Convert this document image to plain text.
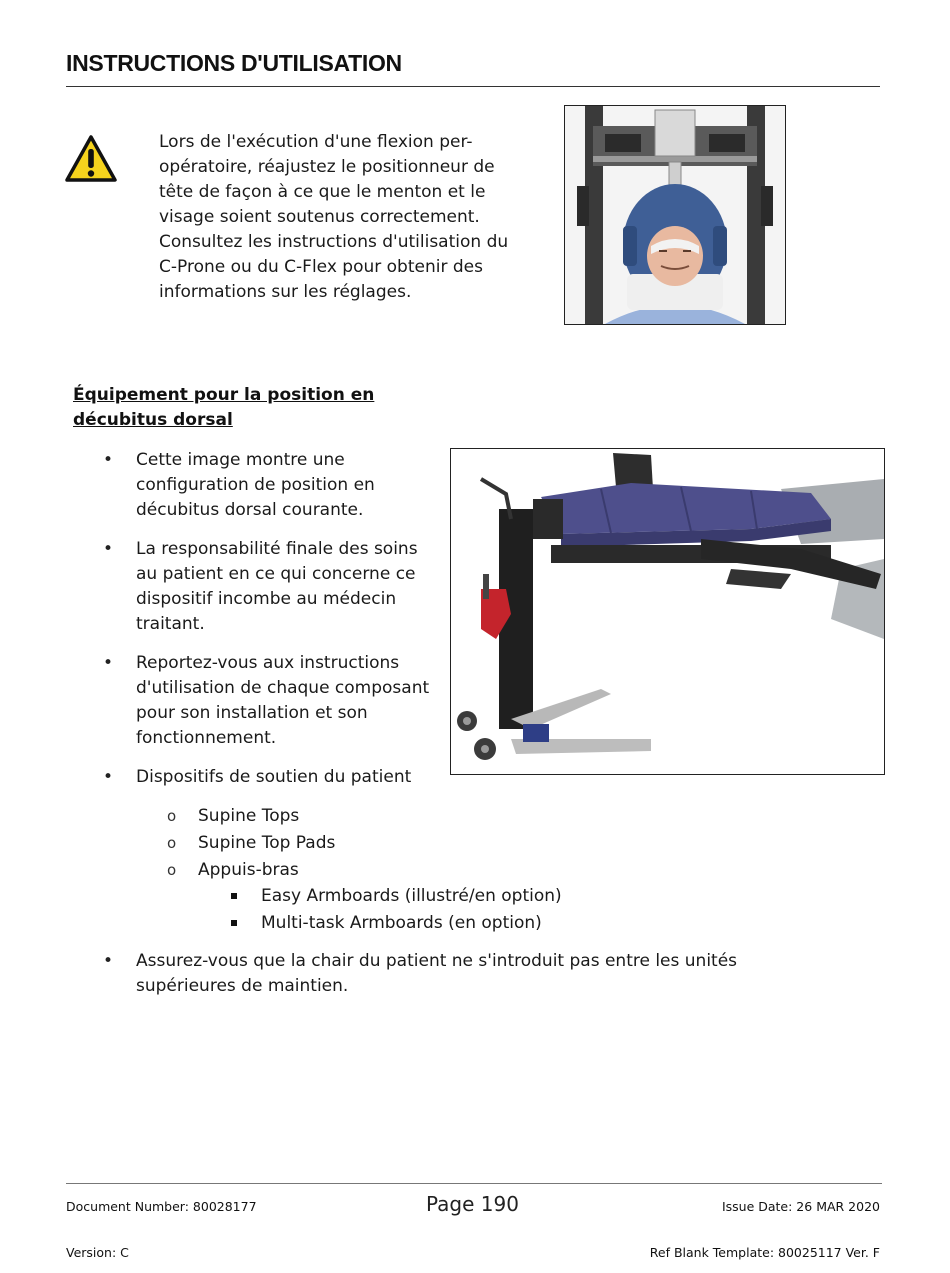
INSTRUCTIONS D'UTILISATION
Lors de l'exécution d'une flexion per-opératoire, réajustez le positionneur de tête de façon à ce que le menton et le visage soient soutenus correctement. Consultez les instructions d'utilisation du C-Prone ou du C-Flex pour obtenir des informations sur les réglages.
Équipement pour la position en décubitus dorsal
• Cette image montre une configuration de position en décubitus dorsal courante.
• La responsabilité finale des soins au patient en ce qui concerne ce dispositif incombe au médecin traitant.
• Reportez-vous aux instructions d'utilisation de chaque composant pour son installation et son fonctionnement.
• Dispositifs de soutien du patient
o Supine Tops
o Supine Top Pads
o Appuis-bras
Easy Armboards (illustré/en option)
Multi-task Armboards (en option)
• Assurez-vous que la chair du patient ne s'introduit pas entre les unités supérieures de maintien.
Document Number: 80028177	Page 190	Issue Date: 26 MAR 2020
Version: C	Ref Blank Template: 80025117 Ver. F
